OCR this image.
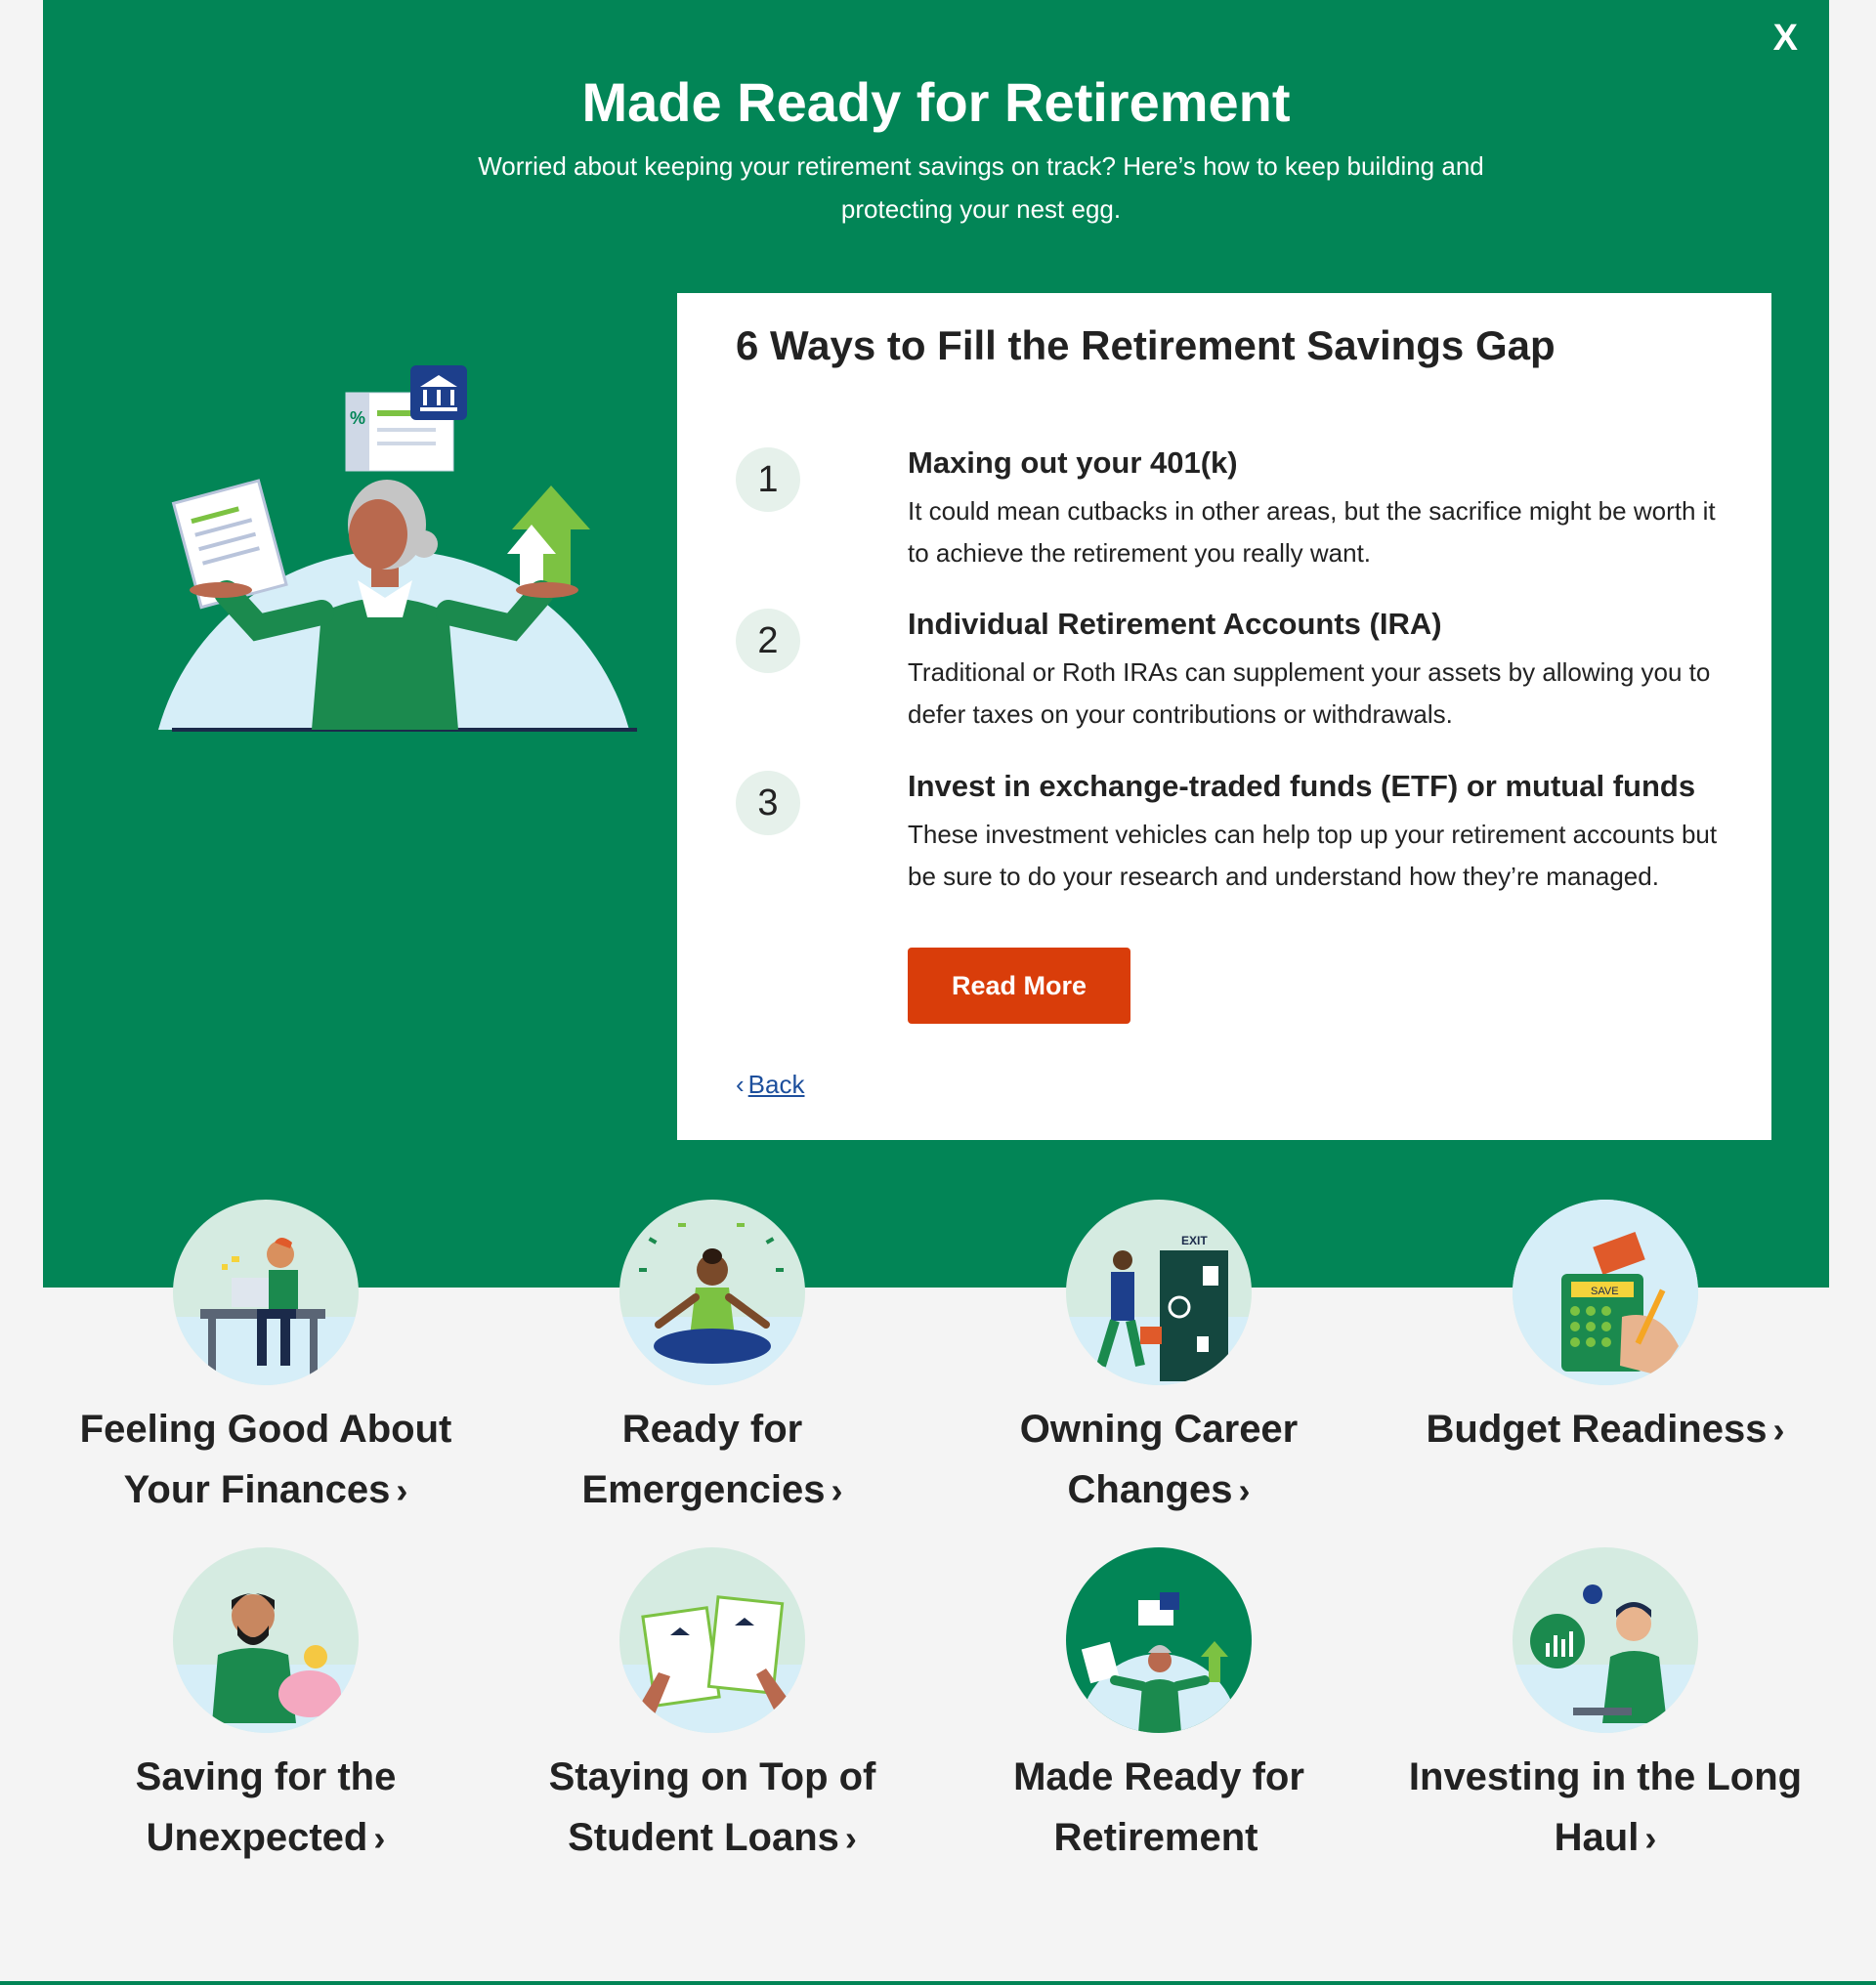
X
Made Ready for Retirement

Worried about keeping your retirement savings on track? Here’s how to keep building and protecting your nest egg.

%
6 Ways to Fill the Retirement Savings Gap
1	Maxing out your 401(k)

It could mean cutbacks in other areas, but the sacrifice might be worth it to achieve the retirement you really want.

2	Individual Retirement Accounts (IRA)

Traditional or Roth IRAs can supplement your assets by allowing you to defer taxes on your contributions or withdrawals.

3	Invest in exchange-traded funds (ETF) or mutual funds

These investment vehicles can help top up your retirement accounts but be sure to do your research and understand how they’re managed.

Read More
‹ Back

Feeling Good About Your Finances ›

Ready for Emergencies ›

EXIT

Owning Career Changes ›

SAVE

Budget Readiness ›

Saving for the Unexpected ›

Staying on Top of Student Loans ›

Made Ready for Retirement

Investing in the Long Haul ›
